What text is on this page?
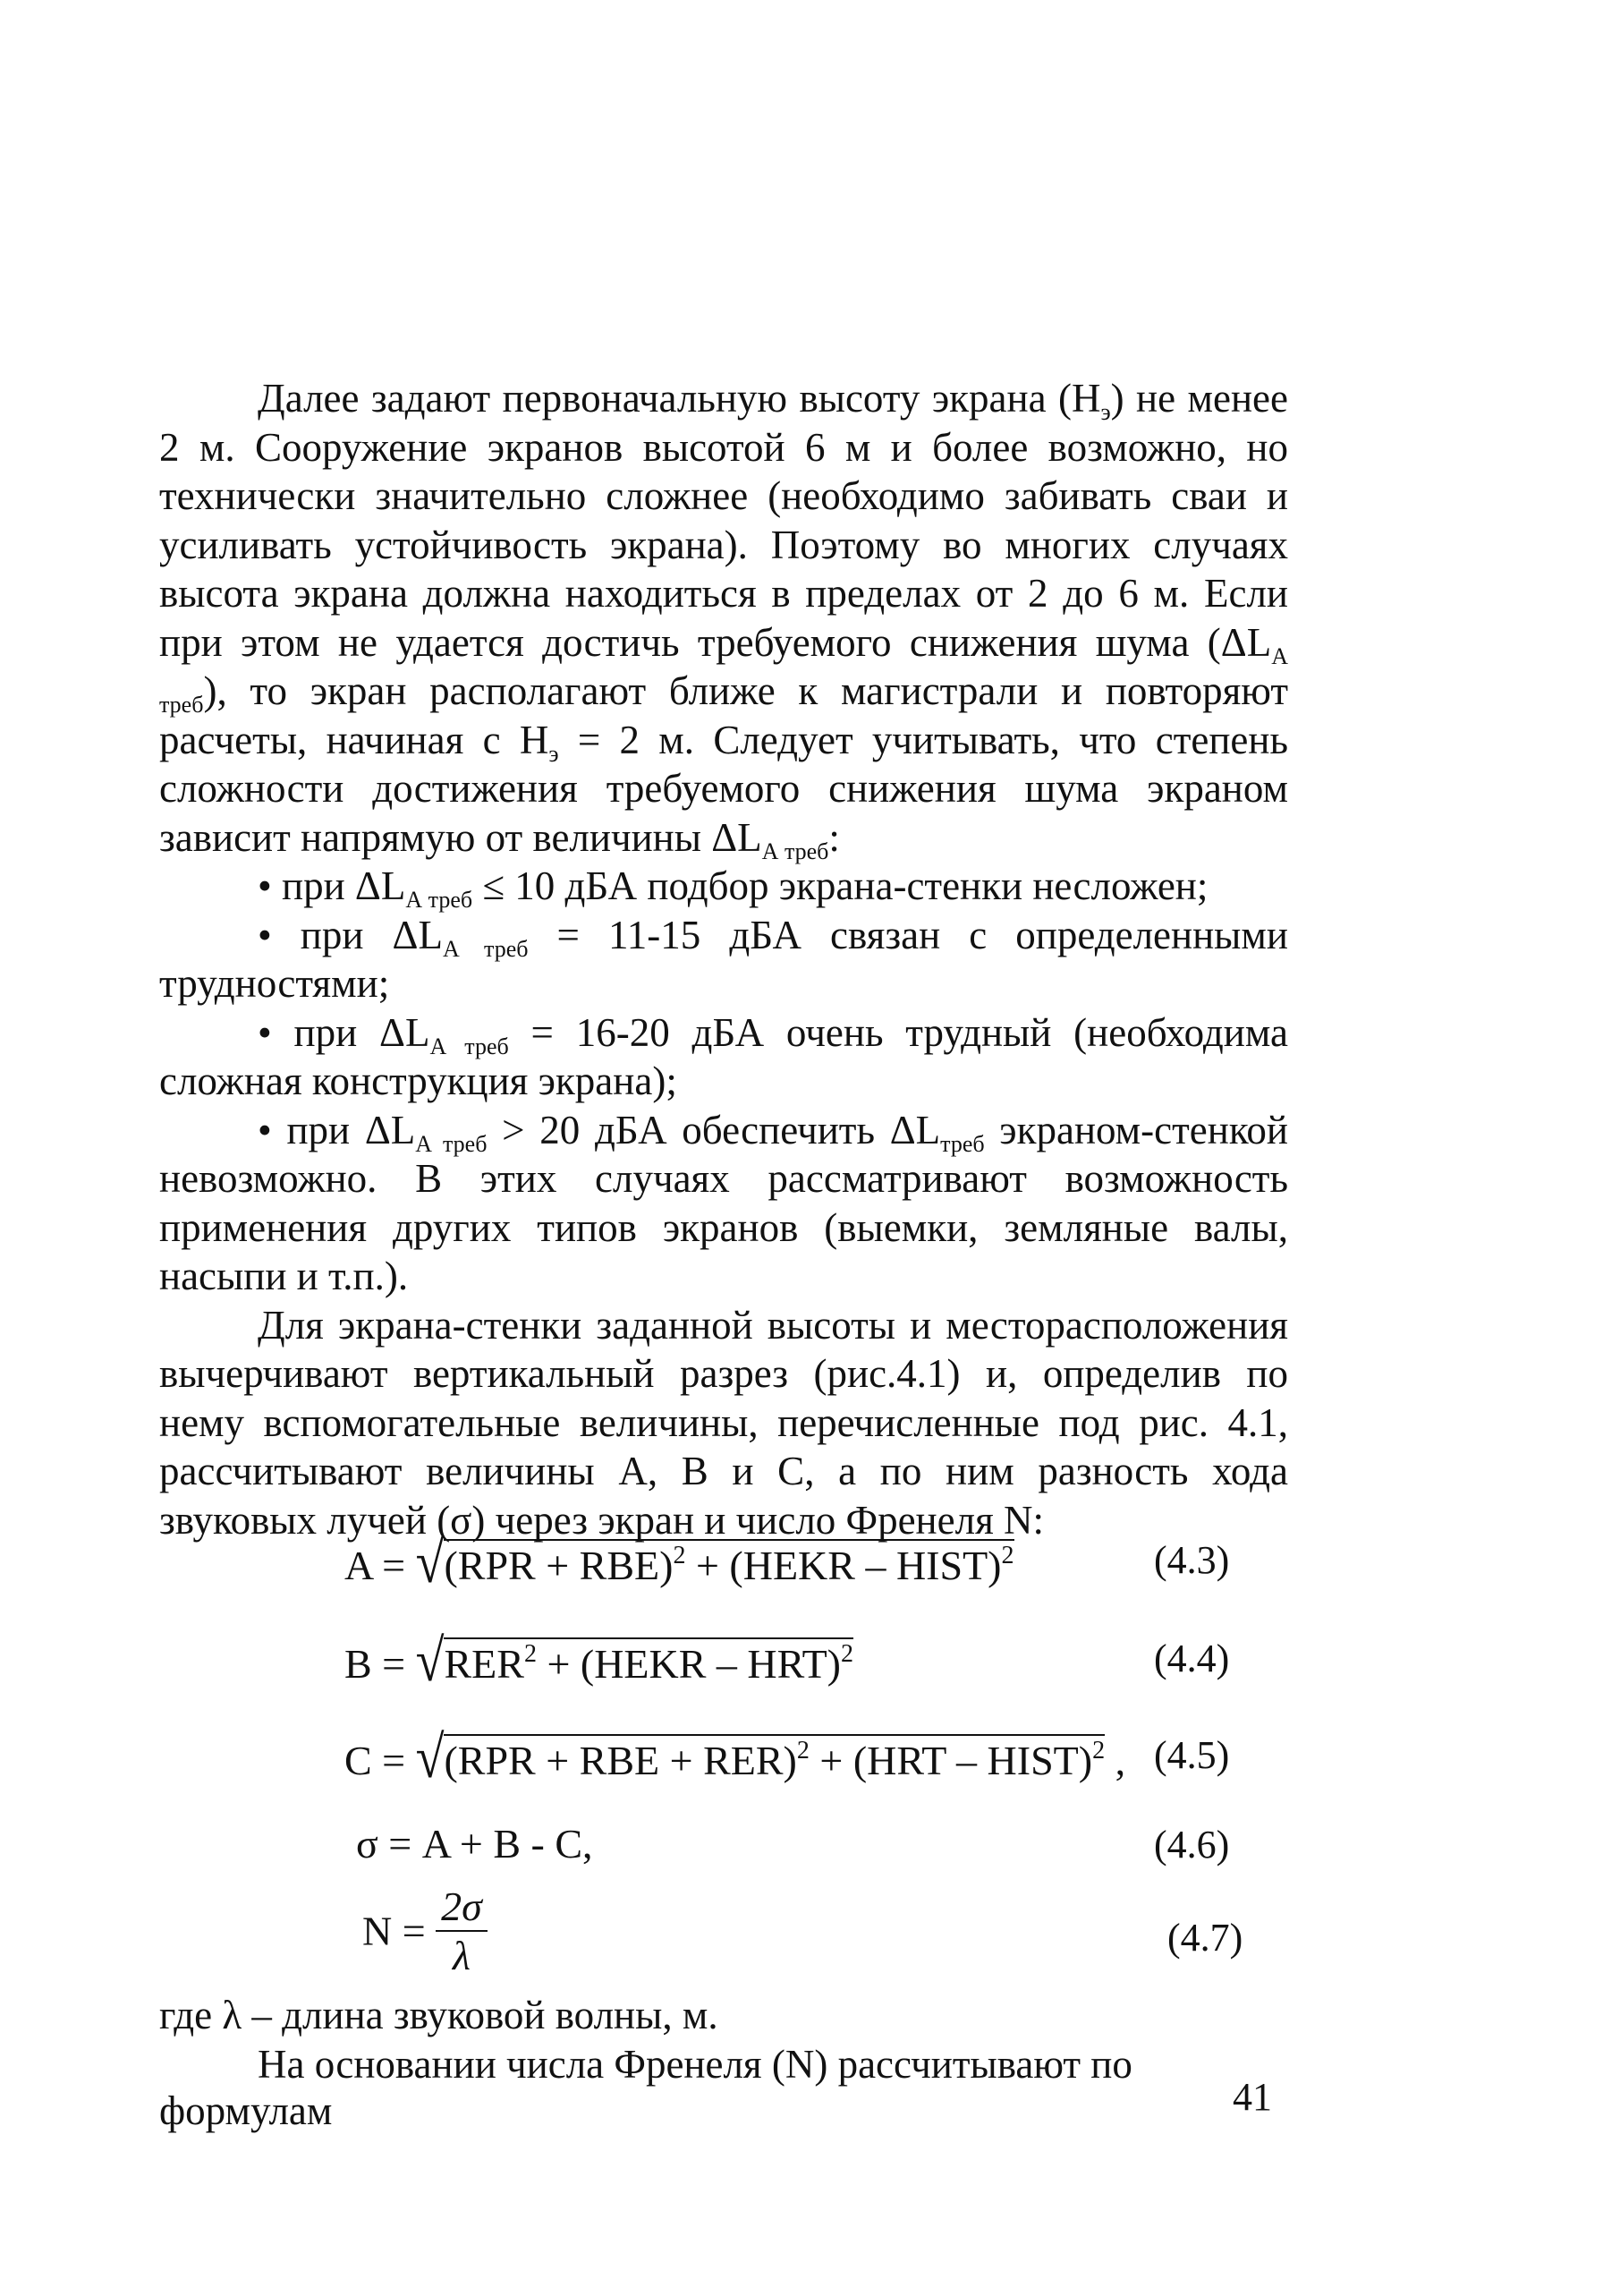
Далее задают первоначальную высоту экрана $(Н_э)$ не менее 2 м. Сооружение экранов высотой 6 м и более возможно, но технически значительно сложнее (необходимо забивать сваи и усиливать устойчивость экрана). Поэтому во многих случаях высота экрана должна находиться в пределах от 2 до 6 м. Если при этом не удается достичь требуемого снижения шума $(\Delta L_{А треб})$, то экран располагают ближе к магистрали и повторяют расчеты, начиная с $Н_э = 2$ м. Следует учитывать, что степень сложности достижения требуемого снижения шума экраном зависит напрямую от величины $\Delta L_{А треб}$:

• при $\Delta L_{А треб} \le 10$ дБА подбор экрана-стенки несложен;

• при $\Delta L_{А треб} = 11-15$ дБА связан с определенными трудностями;

• при $\Delta L_{А треб} = 16-20$ дБА очень трудный (необходима сложная конструкция экрана);

• при $\Delta L_{А треб} > 20$ дБА обеспечить $\Delta L_{треб}$ экраном-стенкой невозможно. В этих случаях рассматривают возможность применения других типов экранов (выемки, земляные валы, насыпи и т.п.).

Для экрана-стенки заданной высоты и месторасположения вычерчивают вертикальный разрез (рис.4.1) и, определив по нему вспомогательные величины, перечисленные под рис. 4.1, рассчитывают величины А, В и С, а по ним разность хода звуковых лучей (σ) через экран и число Френеля N:

A = √(RPR + RBE)$^2$ + (HEKR – HIST)$^2$	(4.3)
$B = √RER^2$ + (HEKR – HRT)$^2$	(4.4)
C = √(RPR + RBE + RER)$^2$ + (HRT – HIST)$^2$ , (4.5)
σ = A + B - C,	(4.6)
$N = \frac{2\sigma}{\lambda}$	(4.7)
где λ – длина звуковой волны, м.
На основании числа Френеля (N) рассчитывают по формулам	41
